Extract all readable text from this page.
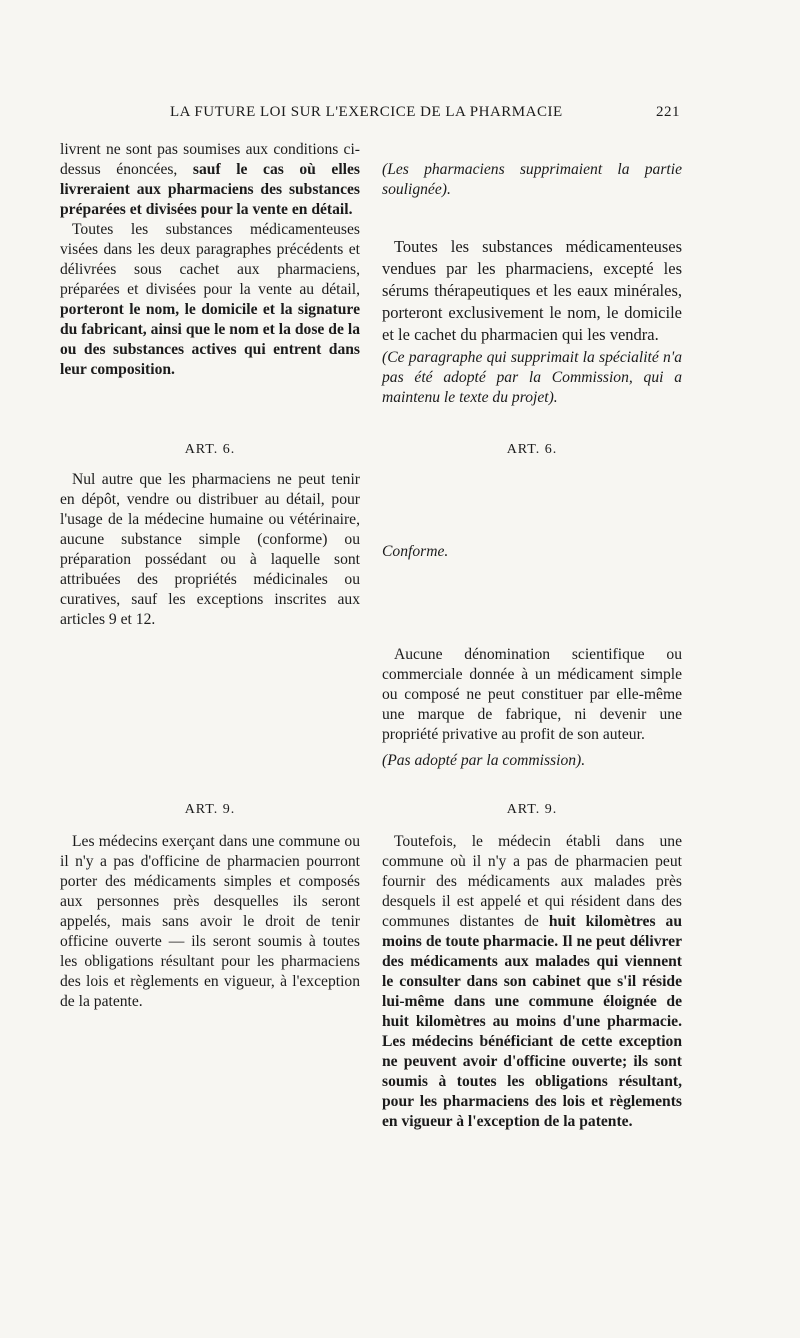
LA FUTURE LOI SUR L'EXERCICE DE LA PHARMACIE	221

livrent ne sont pas soumises aux conditions ci-dessus énoncées, sauf le cas où elles livreraient aux pharmaciens des substances préparées et divisées pour la vente en détail.

Toutes les substances médicamenteuses visées dans les deux paragraphes précédents et délivrées sous cachet aux pharmaciens, préparées et divisées pour la vente au détail, porteront le nom, le domicile et la signature du fabricant, ainsi que le nom et la dose de la ou des substances actives qui entrent dans leur composition.

ART. 6.

Nul autre que les pharmaciens ne peut tenir en dépôt, vendre ou distribuer au détail, pour l'usage de la médecine humaine ou vétérinaire, aucune substance simple (conforme) ou préparation possédant ou à laquelle sont attribuées des propriétés médicinales ou curatives, sauf les exceptions inscrites aux articles 9 et 12.

ART. 9.

Les médecins exerçant dans une commune ou il n'y a pas d'officine de pharmacien pourront porter des médicaments simples et composés aux personnes près desquelles ils seront appelés, mais sans avoir le droit de tenir officine ouverte — ils seront soumis à toutes les obligations résultant pour les pharmaciens des lois et règlements en vigueur, à l'exception de la patente.

(Les pharmaciens supprimaient la partie soulignée).

Toutes les substances médicamenteuses vendues par les pharmaciens, excepté les sérums thérapeutiques et les eaux minérales, porteront exclusivement le nom, le domicile et le cachet du pharmacien qui les vendra.

(Ce paragraphe qui supprimait la spécialité n'a pas été adopté par la Commission, qui a maintenu le texte du projet).

ART. 6.

Conforme.

Aucune dénomination scientifique ou commerciale donnée à un médicament simple ou composé ne peut constituer par elle-même une marque de fabrique, ni devenir une propriété privative au profit de son auteur.

(Pas adopté par la commission).

ART. 9.

Toutefois, le médecin établi dans une commune où il n'y a pas de pharmacien peut fournir des médicaments aux malades près desquels il est appelé et qui résident dans des communes distantes de huit kilomètres au moins de toute pharmacie. Il ne peut délivrer des médicaments aux malades qui viennent le consulter dans son cabinet que s'il réside lui-même dans une commune éloignée de huit kilomètres au moins d'une pharmacie. Les médecins bénéficiant de cette exception ne peuvent avoir d'officine ouverte; ils sont soumis à toutes les obligations résultant, pour les pharmaciens des lois et règlements en vigueur à l'exception de la patente.
